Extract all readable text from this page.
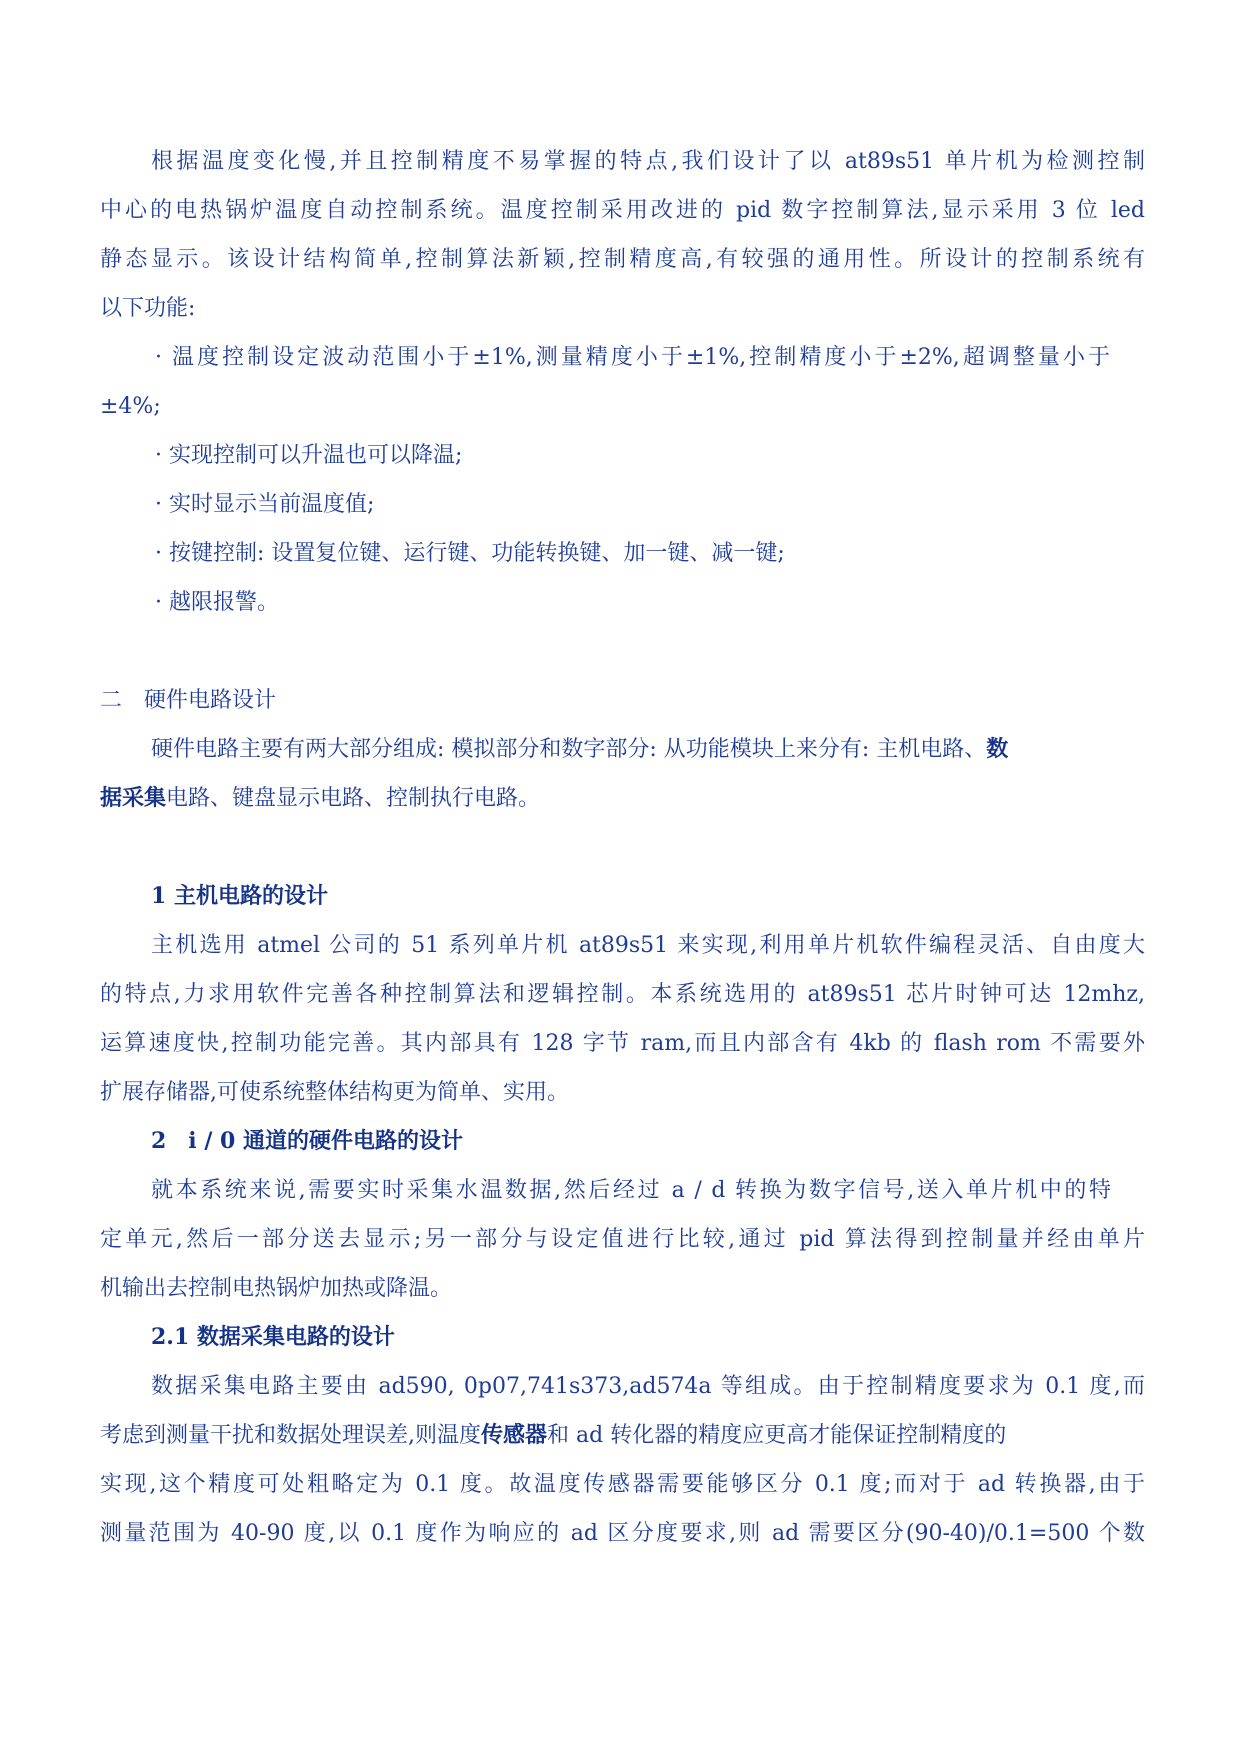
根据温度变化慢,并且控制精度不易掌握的特点,我们设计了以 at89s51 单片机为检测控制
中心的电热锅炉温度自动控制系统。温度控制采用改进的 pid 数字控制算法,显示采用 3 位 led
静态显示。该设计结构简单,控制算法新颖,控制精度高,有较强的通用性。所设计的控制系统有
以下功能:
· 温度控制设定波动范围小于±1%,测量精度小于±1%,控制精度小于±2%,超调整量小于
±4%;
· 实现控制可以升温也可以降温;
· 实时显示当前温度值;
· 按键控制: 设置复位键、运行键、功能转换键、加一键、减一键;
· 越限报警。
二　硬件电路设计
硬件电路主要有两大部分组成: 模拟部分和数字部分: 从功能模块上来分有: 主机电路、数
据采集电路、键盘显示电路、控制执行电路。
1 主机电路的设计
主机选用 atmel 公司的 51 系列单片机 at89s51 来实现,利用单片机软件编程灵活、自由度大
的特点,力求用软件完善各种控制算法和逻辑控制。本系统选用的 at89s51 芯片时钟可达 12mhz,
运算速度快,控制功能完善。其内部具有 128 字节 ram,而且内部含有 4kb 的 flash rom 不需要外
扩展存储器,可使系统整体结构更为简单、实用。
2　i / 0 通道的硬件电路的设计
就本系统来说,需要实时采集水温数据,然后经过 a / d 转换为数字信号,送入单片机中的特
定单元,然后一部分送去显示;另一部分与设定值进行比较,通过 pid 算法得到控制量并经由单片
机输出去控制电热锅炉加热或降温。
2.1 数据采集电路的设计
数据采集电路主要由 ad590, 0p07,741s373,ad574a 等组成。由于控制精度要求为 0.1 度,而
考虑到测量干扰和数据处理误差,则温度传感器和 ad 转化器的精度应更高才能保证控制精度的
实现,这个精度可处粗略定为 0.1 度。故温度传感器需要能够区分 0.1 度;而对于 ad 转换器,由于
测量范围为 40-90 度,以 0.1 度作为响应的 ad 区分度要求,则 ad 需要区分(90-40)/0.1=500 个数
